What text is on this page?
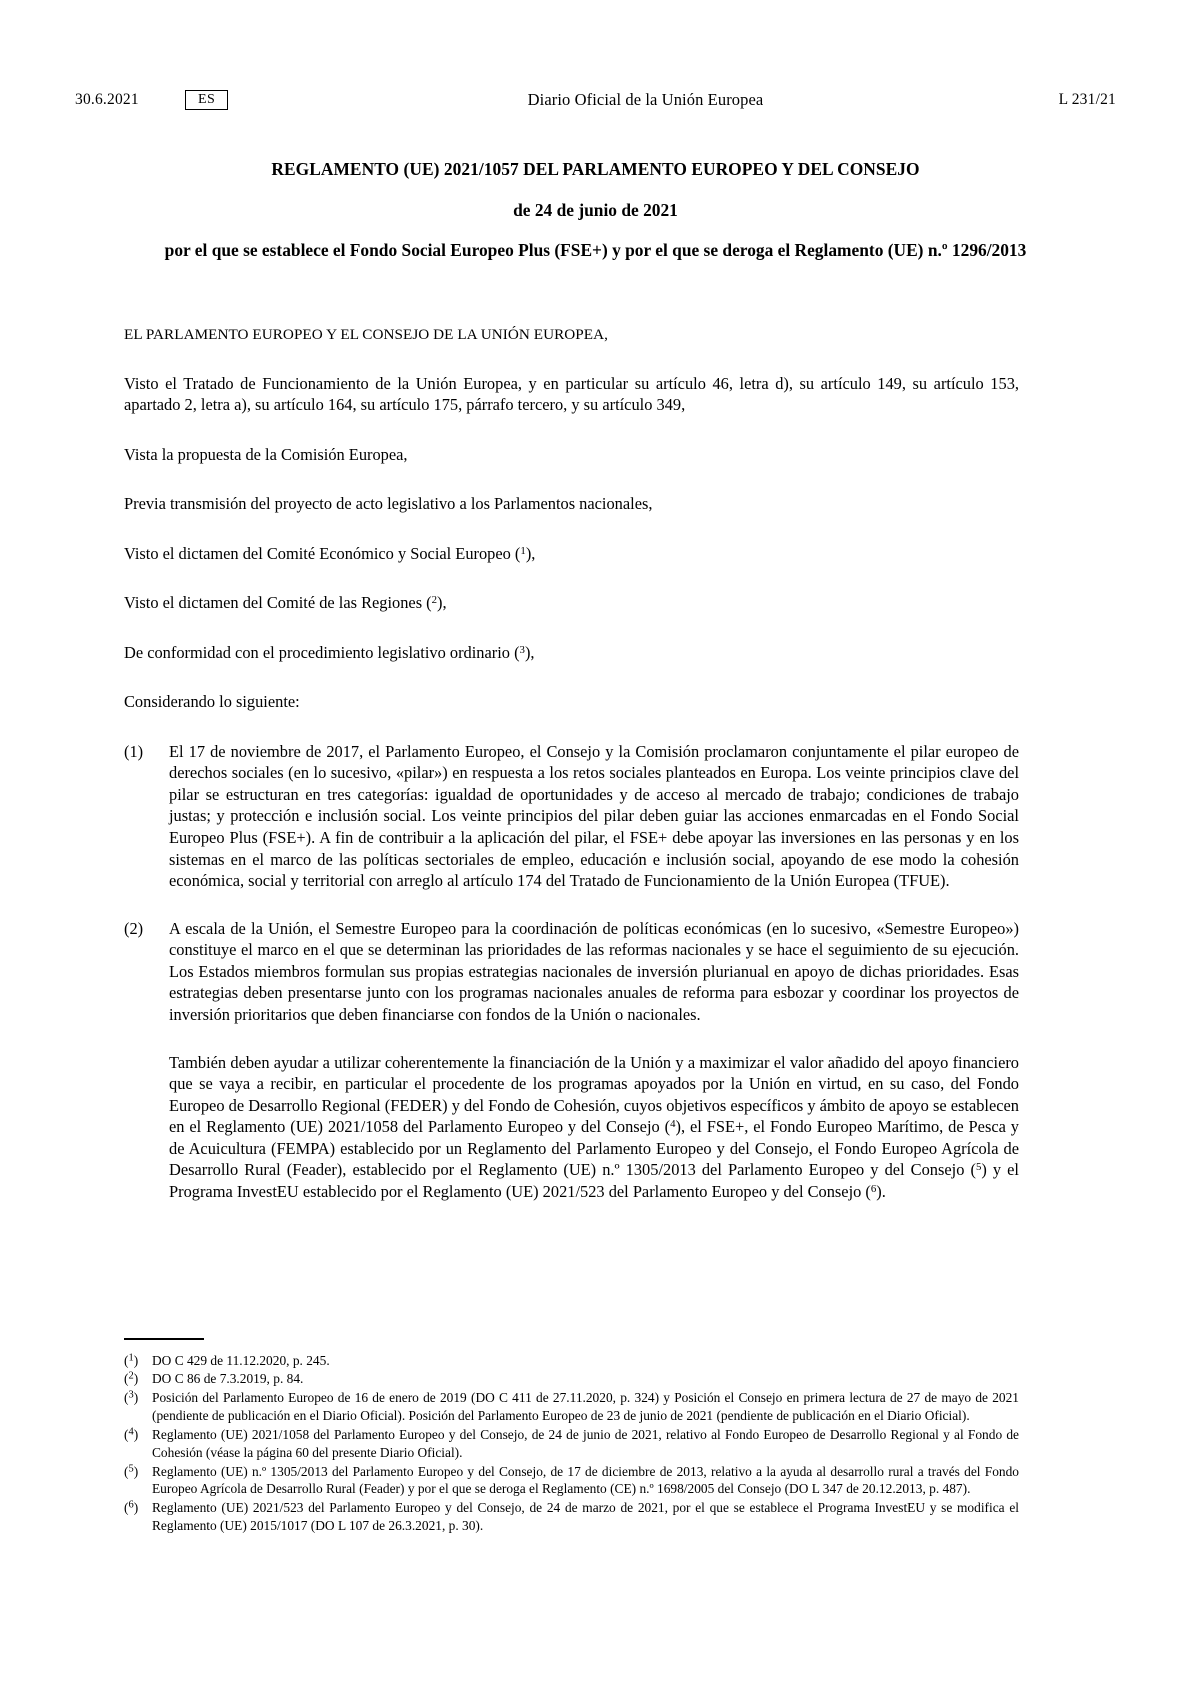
30.6.2021	ES	Diario Oficial de la Unión Europea	L 231/21
REGLAMENTO (UE) 2021/1057 DEL PARLAMENTO EUROPEO Y DEL CONSEJO
de 24 de junio de 2021
por el que se establece el Fondo Social Europeo Plus (FSE+) y por el que se deroga el Reglamento (UE) n.º 1296/2013
EL PARLAMENTO EUROPEO Y EL CONSEJO DE LA UNIÓN EUROPEA,
Visto el Tratado de Funcionamiento de la Unión Europea, y en particular su artículo 46, letra d), su artículo 149, su artículo 153, apartado 2, letra a), su artículo 164, su artículo 175, párrafo tercero, y su artículo 349,
Vista la propuesta de la Comisión Europea,
Previa transmisión del proyecto de acto legislativo a los Parlamentos nacionales,
Visto el dictamen del Comité Económico y Social Europeo ($^1$),
Visto el dictamen del Comité de las Regiones ($^2$),
De conformidad con el procedimiento legislativo ordinario ($^3$),
Considerando lo siguiente:
(1)	El 17 de noviembre de 2017, el Parlamento Europeo, el Consejo y la Comisión proclamaron conjuntamente el pilar europeo de derechos sociales (en lo sucesivo, «pilar») en respuesta a los retos sociales planteados en Europa. Los veinte principios clave del pilar se estructuran en tres categorías: igualdad de oportunidades y de acceso al mercado de trabajo; condiciones de trabajo justas; y protección e inclusión social. Los veinte principios del pilar deben guiar las acciones enmarcadas en el Fondo Social Europeo Plus (FSE+). A fin de contribuir a la aplicación del pilar, el FSE+ debe apoyar las inversiones en las personas y en los sistemas en el marco de las políticas sectoriales de empleo, educación e inclusión social, apoyando de ese modo la cohesión económica, social y territorial con arreglo al artículo 174 del Tratado de Funcionamiento de la Unión Europea (TFUE).

(2)	A escala de la Unión, el Semestre Europeo para la coordinación de políticas económicas (en lo sucesivo, «Semestre Europeo») constituye el marco en el que se determinan las prioridades de las reformas nacionales y se hace el seguimiento de su ejecución. Los Estados miembros formulan sus propias estrategias nacionales de inversión plurianual en apoyo de dichas prioridades. Esas estrategias deben presentarse junto con los programas nacionales anuales de reforma para esbozar y coordinar los proyectos de inversión prioritarios que deben financiarse con fondos de la Unión o nacionales.

También deben ayudar a utilizar coherentemente la financiación de la Unión y a maximizar el valor añadido del apoyo financiero que se vaya a recibir, en particular el procedente de los programas apoyados por la Unión en virtud, en su caso, del Fondo Europeo de Desarrollo Regional (FEDER) y del Fondo de Cohesión, cuyos objetivos específicos y ámbito de apoyo se establecen en el Reglamento (UE) 2021/1058 del Parlamento Europeo y del Consejo ($^4$), el FSE+, el Fondo Europeo Marítimo, de Pesca y de Acuicultura (FEMPA) establecido por un Reglamento del Parlamento Europeo y del Consejo, el Fondo Europeo Agrícola de Desarrollo Rural (Feader), establecido por el Reglamento (UE) n.º 1305/2013 del Parlamento Europeo y del Consejo ($^5$) y el Programa InvestEU establecido por el Reglamento (UE) 2021/523 del Parlamento Europeo y del Consejo ($^6$).

($^1$)	DO C 429 de 11.12.2020, p. 245.
($^2$)	DO C 86 de 7.3.2019, p. 84.
($^3$)	Posición del Parlamento Europeo de 16 de enero de 2019 (DO C 411 de 27.11.2020, p. 324) y Posición el Consejo en primera lectura de 27 de mayo de 2021 (pendiente de publicación en el Diario Oficial). Posición del Parlamento Europeo de 23 de junio de 2021 (pendiente de publicación en el Diario Oficial).
($^4$)	Reglamento (UE) 2021/1058 del Parlamento Europeo y del Consejo, de 24 de junio de 2021, relativo al Fondo Europeo de Desarrollo Regional y al Fondo de Cohesión (véase la página 60 del presente Diario Oficial).
($^5$)	Reglamento (UE) n.º 1305/2013 del Parlamento Europeo y del Consejo, de 17 de diciembre de 2013, relativo a la ayuda al desarrollo rural a través del Fondo Europeo Agrícola de Desarrollo Rural (Feader) y por el que se deroga el Reglamento (CE) n.º 1698/2005 del Consejo (DO L 347 de 20.12.2013, p. 487).
($^6$)	Reglamento (UE) 2021/523 del Parlamento Europeo y del Consejo, de 24 de marzo de 2021, por el que se establece el Programa InvestEU y se modifica el Reglamento (UE) 2015/1017 (DO L 107 de 26.3.2021, p. 30).
